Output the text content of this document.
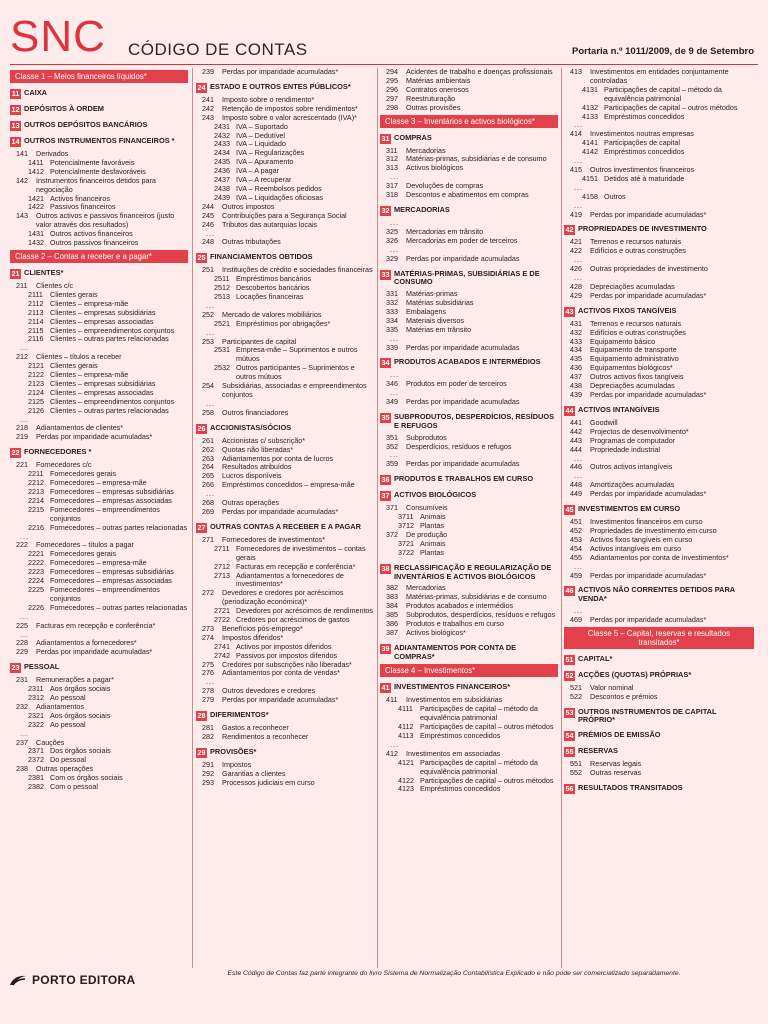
SNC CÓDIGO DE CONTAS	Portaria n.º 1011/2009, de 9 de Setembro
Classe 1 – Meios financeiros líquidos*
11 CAIXA
12 DEPÓSITOS À ORDEM
13 OUTROS DEPÓSITOS BANCÁRIOS
14 OUTROS INSTRUMENTOS FINANCEIROS *
141	Derivados
1411 Potencialmente favoráveis
1412 Potencialmente desfavoráveis
142	Instrumentos financeiros detidos para negociação
1421 Activos financeiros
1422 Passivos financeiros
143	Outros activos e passivos financeiros (justo valor através dos resultados)
1431 Outros activos financeiros
1432 Outros passivos financeiros
Classe 2 – Contas a receber e a pagar*
21 CLIENTES*
211	Clientes c/c
2111 Clientes gerais
2112 Clientes – empresa-mãe
2113 Clientes – empresas subsidiárias
2114 Clientes – empresas associadas
2115 Clientes – empreendimentos conjuntos
2116 Clientes – outras partes relacionadas
...
212	Clientes – títulos a receber
2121 Clientes gerais
2122 Clientes – empresa-mãe
2123 Clientes – empresas subsidiárias
2124 Clientes – empresas associadas
2125 Clientes – empreendimentos conjuntos
2126 Clientes – outras partes relacionadas
...
218	Adiantamentos de clientes*
219	Perdas por imparidade acumuladas*
22 FORNECEDORES *
221	Fornecedores c/c
2211 Fornecedores gerais
2212 Fornecedores – empresa-mãe
2213 Fornecedores – empresas subsidiárias
2214 Fornecedores – empresas associadas
2215 Fornecedores – empreendimentos conjuntos
2216 Fornecedores – outras partes relacionadas
...
222	Fornecedores – títulos a pagar
2221 Fornecedores gerais
2222 Fornecedores – empresa-mãe
2223 Fornecedores – empresas subsidiárias
2224 Fornecedores – empresas associadas
2225 Fornecedores – empreendimentos conjuntos
2226 Fornecedores – outras partes relacionadas
...
225	Facturas em recepção e conferência*
...
228	Adiantamentos a fornecedores*
229	Perdas por imparidade acumuladas*
23 PESSOAL
231	Remunerações a pagar*
2311 Aos órgãos sociais
2312 Ao pessoal
232	Adiantamentos
2321 Aos órgãos sociais
2322 Ao pessoal
...
237	Cauções
2371 Dos órgãos sociais
2372 Do pessoal
238	Outras operações
2381 Com os órgãos sociais
2382 Com o pessoal
239	Perdas por imparidade acumuladas*
24 ESTADO E OUTROS ENTES PÚBLICOS*
241	Imposto sobre o rendimento*
242	Retenção de impostos sobre rendimentos*
243	Imposto sobre o valor acrescentado (IVA)*
2431 IVA – Suportado
2432 IVA – Dedutível
2433 IVA – Liquidado
2434 IVA – Regularizações
2435 IVA – Apuramento
2436 IVA – A pagar
2437 IVA – A recuperar
2438 IVA – Reembolsos pedidos
2439 IVA – Liquidações oficiosas
244	Outros impostos
245	Contribuições para a Segurança Social
246	Tributos das autarquias locais
...
248	Outras tributações
25 FINANCIAMENTOS OBTIDOS
251	Instituições de crédito e sociedades financeiras
2511 Empréstimos bancários
2512 Descobertos bancários
2513 Locações financeiras
...
252	Mercado de valores mobiliários
2521 Empréstimos por obrigações*
...
253	Participantes de capital
2531 Empresa-mãe – Suprimentos e outros mútuos
2532 Outros participantes – Suprimentos e outros mútuos
254	Subsidiárias, associadas e empreendimentos conjuntos
...
258	Outros financiadores
26 ACCIONISTAS/SÓCIOS
261	Accionistas c/ subscrição*
262	Quotas não liberadas*
263	Adiantamentos por conta de lucros
264	Resultados atribuídos
265	Lucros disponíveis
266	Empréstimos concedidos – empresa-mãe
...
268	Outras operações
269	Perdas por imparidade acumuladas*
27 OUTRAS CONTAS A RECEBER E A PAGAR
271	Fornecedores de investimentos*
2711 Fornecedores de investimentos – contas gerais
2712 Facturas em recepção e conferência*
2713 Adiantamentos a fornecedores de investimentos*
272	Devedores e credores por acréscimos (periodização económica)*
2721 Devedores por acréscimos de rendimentos
2722 Credores por acréscimos de gastos
273	Benefícios pós-emprego*
274	Impostos diferidos*
2741 Activos por impostos diferidos
2742 Passivos por impostos diferidos
275	Credores por subscrições não liberadas*
276	Adiantamentos por conta de vendas*
...
278	Outros devedores e credores
279	Perdas por imparidade acumuladas*
28 DIFERIMENTOS*
281	Gastos a reconhecer
282	Rendimentos a reconhecer
29 PROVISÕES*
291	Impostos
292	Garantias a clientes
293	Processos judiciais em curso
294	Acidentes de trabalho e doenças profissionais
295	Matérias ambientais
296	Contratos onerosos
297	Reestruturação
298	Outras provisões
Classe 3 – Inventários e activos biológicos*
31 COMPRAS
311	Mercadorias
312	Matérias-primas, subsidiárias e de consumo
313	Activos biológicos
...
317	Devoluções de compras
318	Descontos e abatimentos em compras
32 MERCADORIAS
...
325	Mercadorias em trânsito
326	Mercadorias em poder de terceiros
...
329	Perdas por imparidade acumuladas
33 MATÉRIAS-PRIMAS, SUBSIDIÁRIAS E DE CONSUMO
331	Matérias-primas
332	Matérias subsidiárias
333	Embalagens
334	Materiais diversos
335	Matérias em trânsito
...
339	Perdas por imparidade acumuladas
34 PRODUTOS ACABADOS E INTERMÉDIOS
...
346	Produtos em poder de terceiros
...
349	Perdas por imparidade acumuladas
35 SUBPRODUTOS, DESPERDÍCIOS, RESÍDUOS E REFUGOS
351	Subprodutos
352	Desperdícios, resíduos e refugos
...
359	Perdas por imparidade acumuladas
36 PRODUTOS E TRABALHOS EM CURSO
37 ACTIVOS BIOLÓGICOS
371	Consumíveis
3711 Animais
3712 Plantas
372	De produção
3721 Animais
3722 Plantas
38 RECLASSIFICAÇÃO E REGULARIZAÇÃO DE INVENTÁRIOS E ACTIVOS BIOLÓGICOS
382	Mercadorias
383	Matérias-primas, subsidiárias e de consumo
384	Produtos acabados e intermédios
385	Subprodutos, desperdícios, resíduos e refugos
386	Produtos e trabalhos em curso
387	Activos biológicos*
39 ADIANTAMENTOS POR CONTA DE COMPRAS*
Classe 4 – Investimentos*
41 INVESTIMENTOS FINANCEIROS*
411	Investimentos em subsidiárias
4111 Participações de capital – método da equivalência patrimonial
4112 Participações de capital – outros métodos
4113 Empréstimos concedidos
...
412	Investimentos em associadas
4121 Participações de capital – método da equivalência patrimonial
4122 Participações de capital – outros métodos
4123 Empréstimos concedidos
413	Investimentos em entidades conjuntamente controladas
4131 Participações de capital – método da equivalência patrimonial
4132 Participações de capital – outros métodos
4133 Empréstimos concedidos
...
414	Investimentos noutras empresas
4141 Participações de capital
4142 Empréstimos concedidos
...
415	Outros investimentos financeiros
4151 Detidos até à maturidade
...
4158 Outros
...
419	Perdas por imparidade acumuladas*
42 PROPRIEDADES DE INVESTIMENTO
421	Terrenos e recursos naturais
422	Edifícios e outras construções
...
426	Outras propriedades de investimento
...
428	Depreciações acumuladas
429	Perdas por imparidade acumuladas*
43 ACTIVOS FIXOS TANGÍVEIS
431	Terrenos e recursos naturais
432	Edifícios e outras construções
433	Equipamento básico
434	Equipamento de transporte
435	Equipamento administrativo
436	Equipamentos biológicos*
437	Outros activos fixos tangíveis
438	Depreciações acumuladas
439	Perdas por imparidade acumuladas*
44 ACTIVOS INTANGÍVEIS
441	Goodwill
442	Projectos de desenvolvimento*
443	Programas de computador
444	Propriedade industrial
...
446	Outros activos intangíveis
...
448	Amortizações acumuladas
449	Perdas por imparidade acumuladas*
45 INVESTIMENTOS EM CURSO
451	Investimentos financeiros em curso
452	Propriedades de investimento em curso
453	Activos fixos tangíveis em curso
454	Activos intangíveis em curso
455	Adiantamentos por conta de investimentos*
...
459	Perdas por imparidade acumuladas*
46 ACTIVOS NÃO CORRENTES DETIDOS PARA VENDA*
...
469	Perdas por imparidade acumuladas*
Classe 5 – Capital, reservas e resultados transitados*
51 CAPITAL*
52 ACÇÕES (QUOTAS) PRÓPRIAS*
521	Valor nominal
522	Descontos e prémios
53 OUTROS INSTRUMENTOS DE CAPITAL PRÓPRIO*
54 PRÉMIOS DE EMISSÃO
55 RESERVAS
551	Reservas legais
552	Outras reservas
56 RESULTADOS TRANSITADOS
PORTO EDITORA	Este Código de Contas faz parte integrante do livro Sistema de Normalização Contabilística Explicado e não pode ser comercializado separadamente.
